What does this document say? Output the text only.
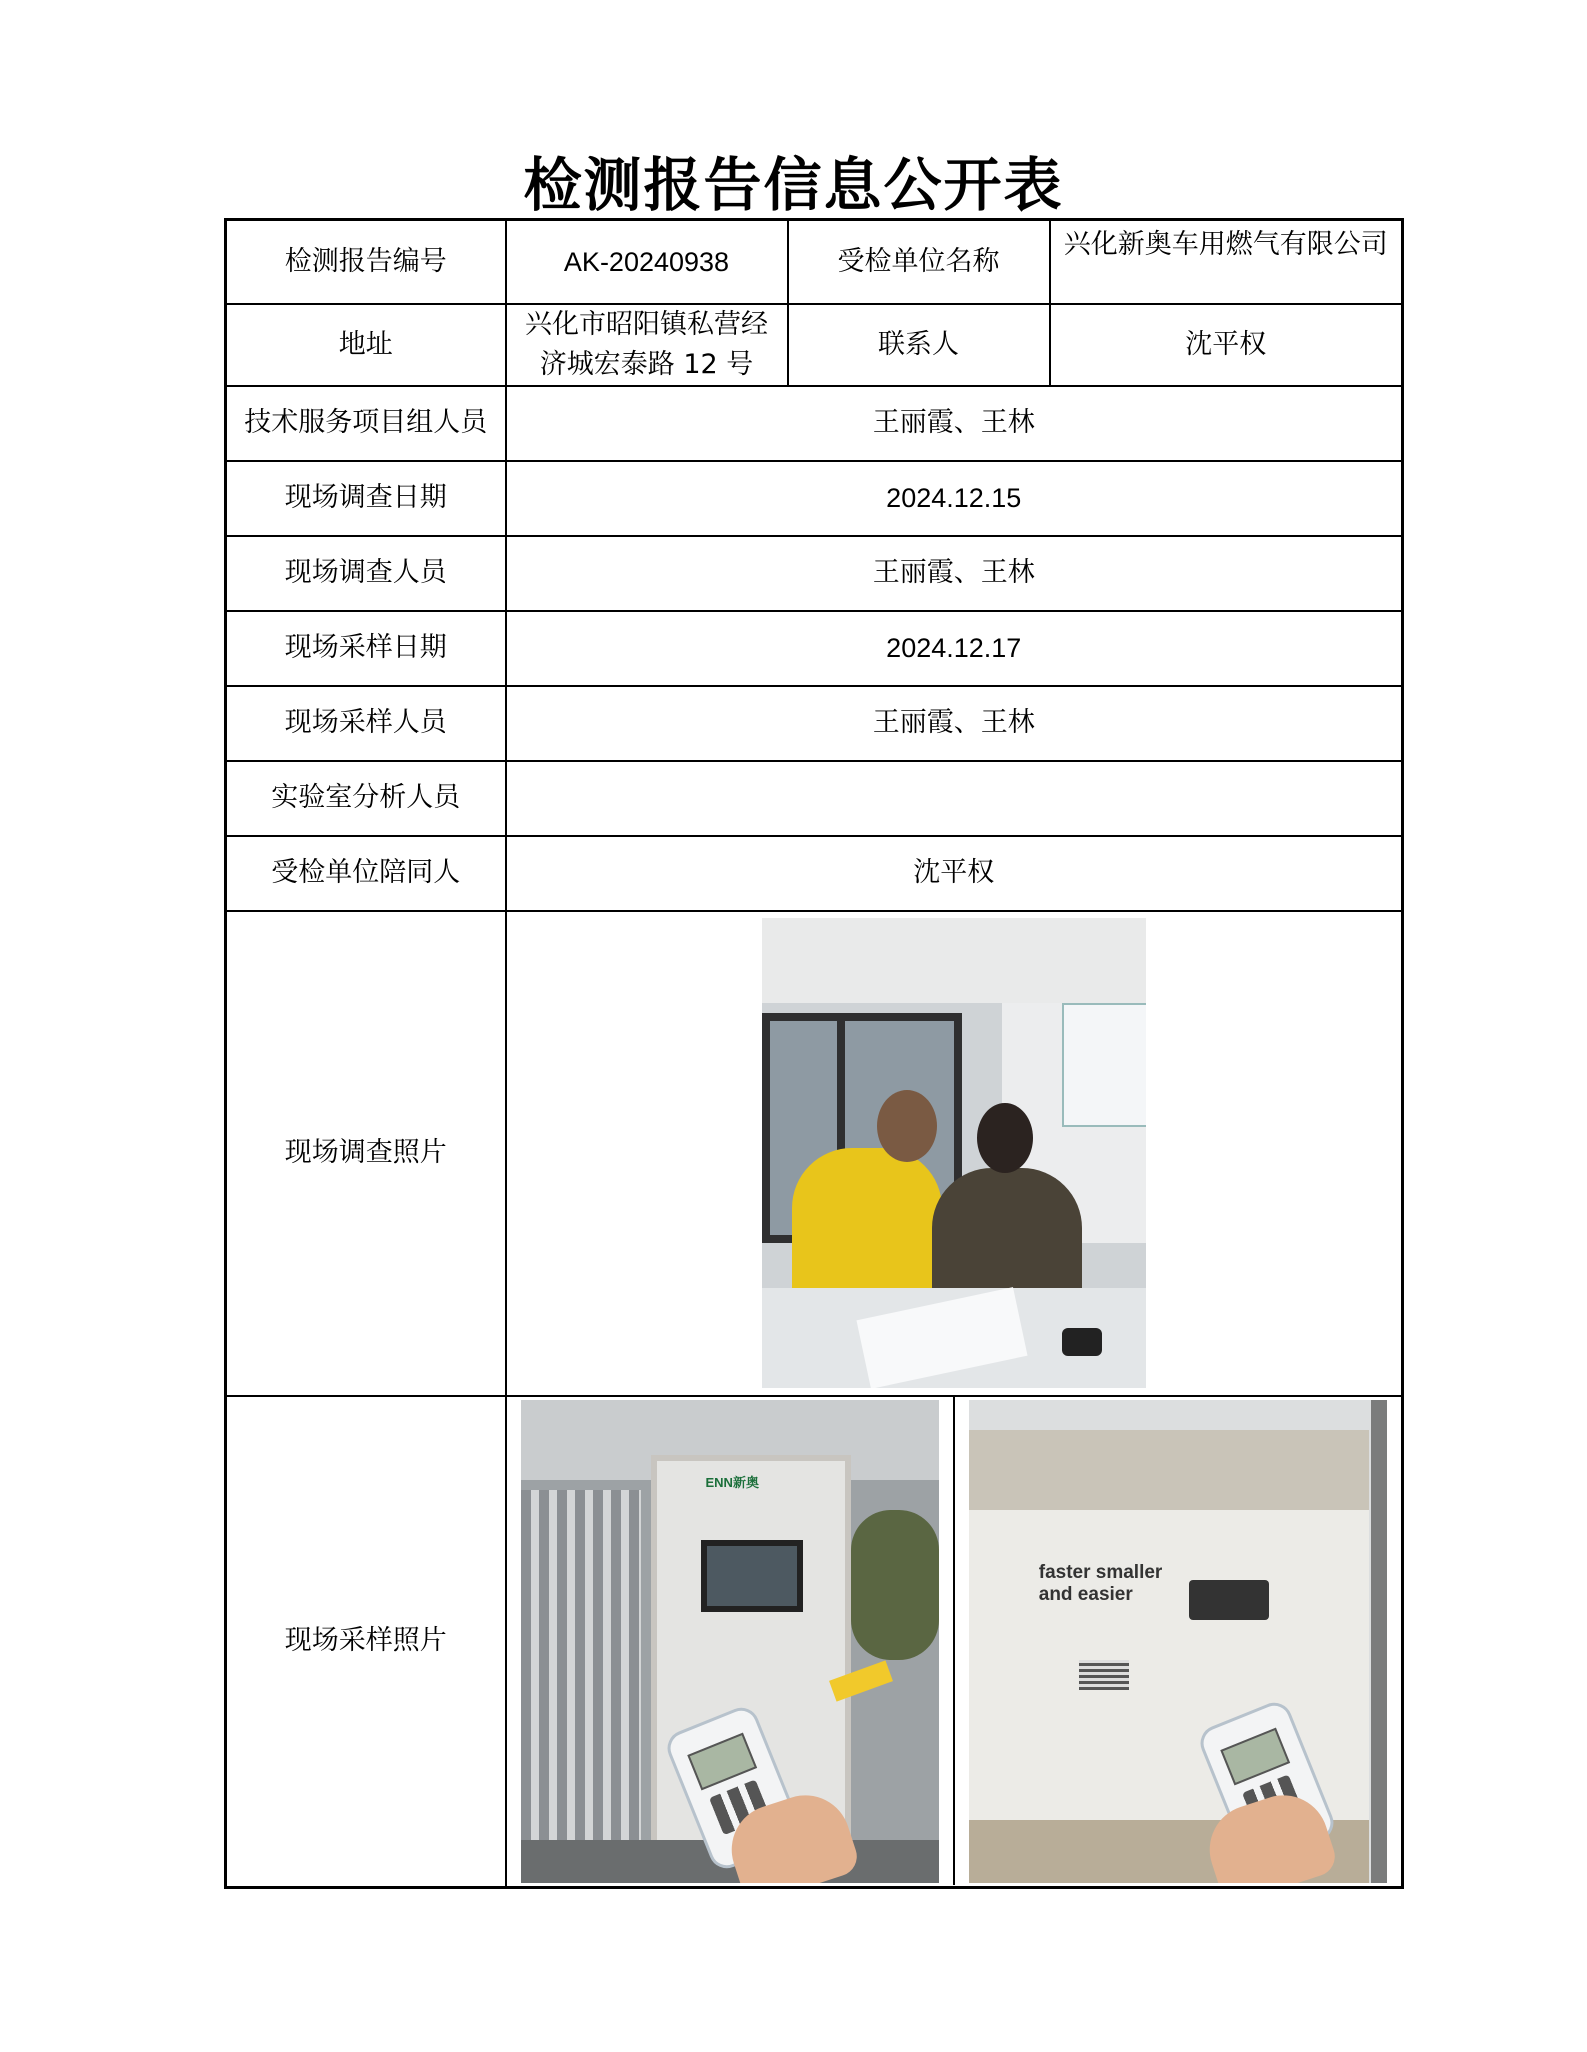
检测报告信息公开表
检测报告编号	AK-20240938	受检单位名称	兴化新奥车用燃气有限公司
地址	兴化市昭阳镇私营经济城宏泰路 12 号	联系人	沈平权
技术服务项目组人员	王丽霞、王林		
现场调查日期	2024.12.15		
现场调查人员	王丽霞、王林		
现场采样日期	2024.12.17		
现场采样人员	王丽霞、王林		
实验室分析人员			
受检单位陪同人	沈平权		
现场调查照片			

现场采样照片	ENN新奥
faster smaller and easier		
